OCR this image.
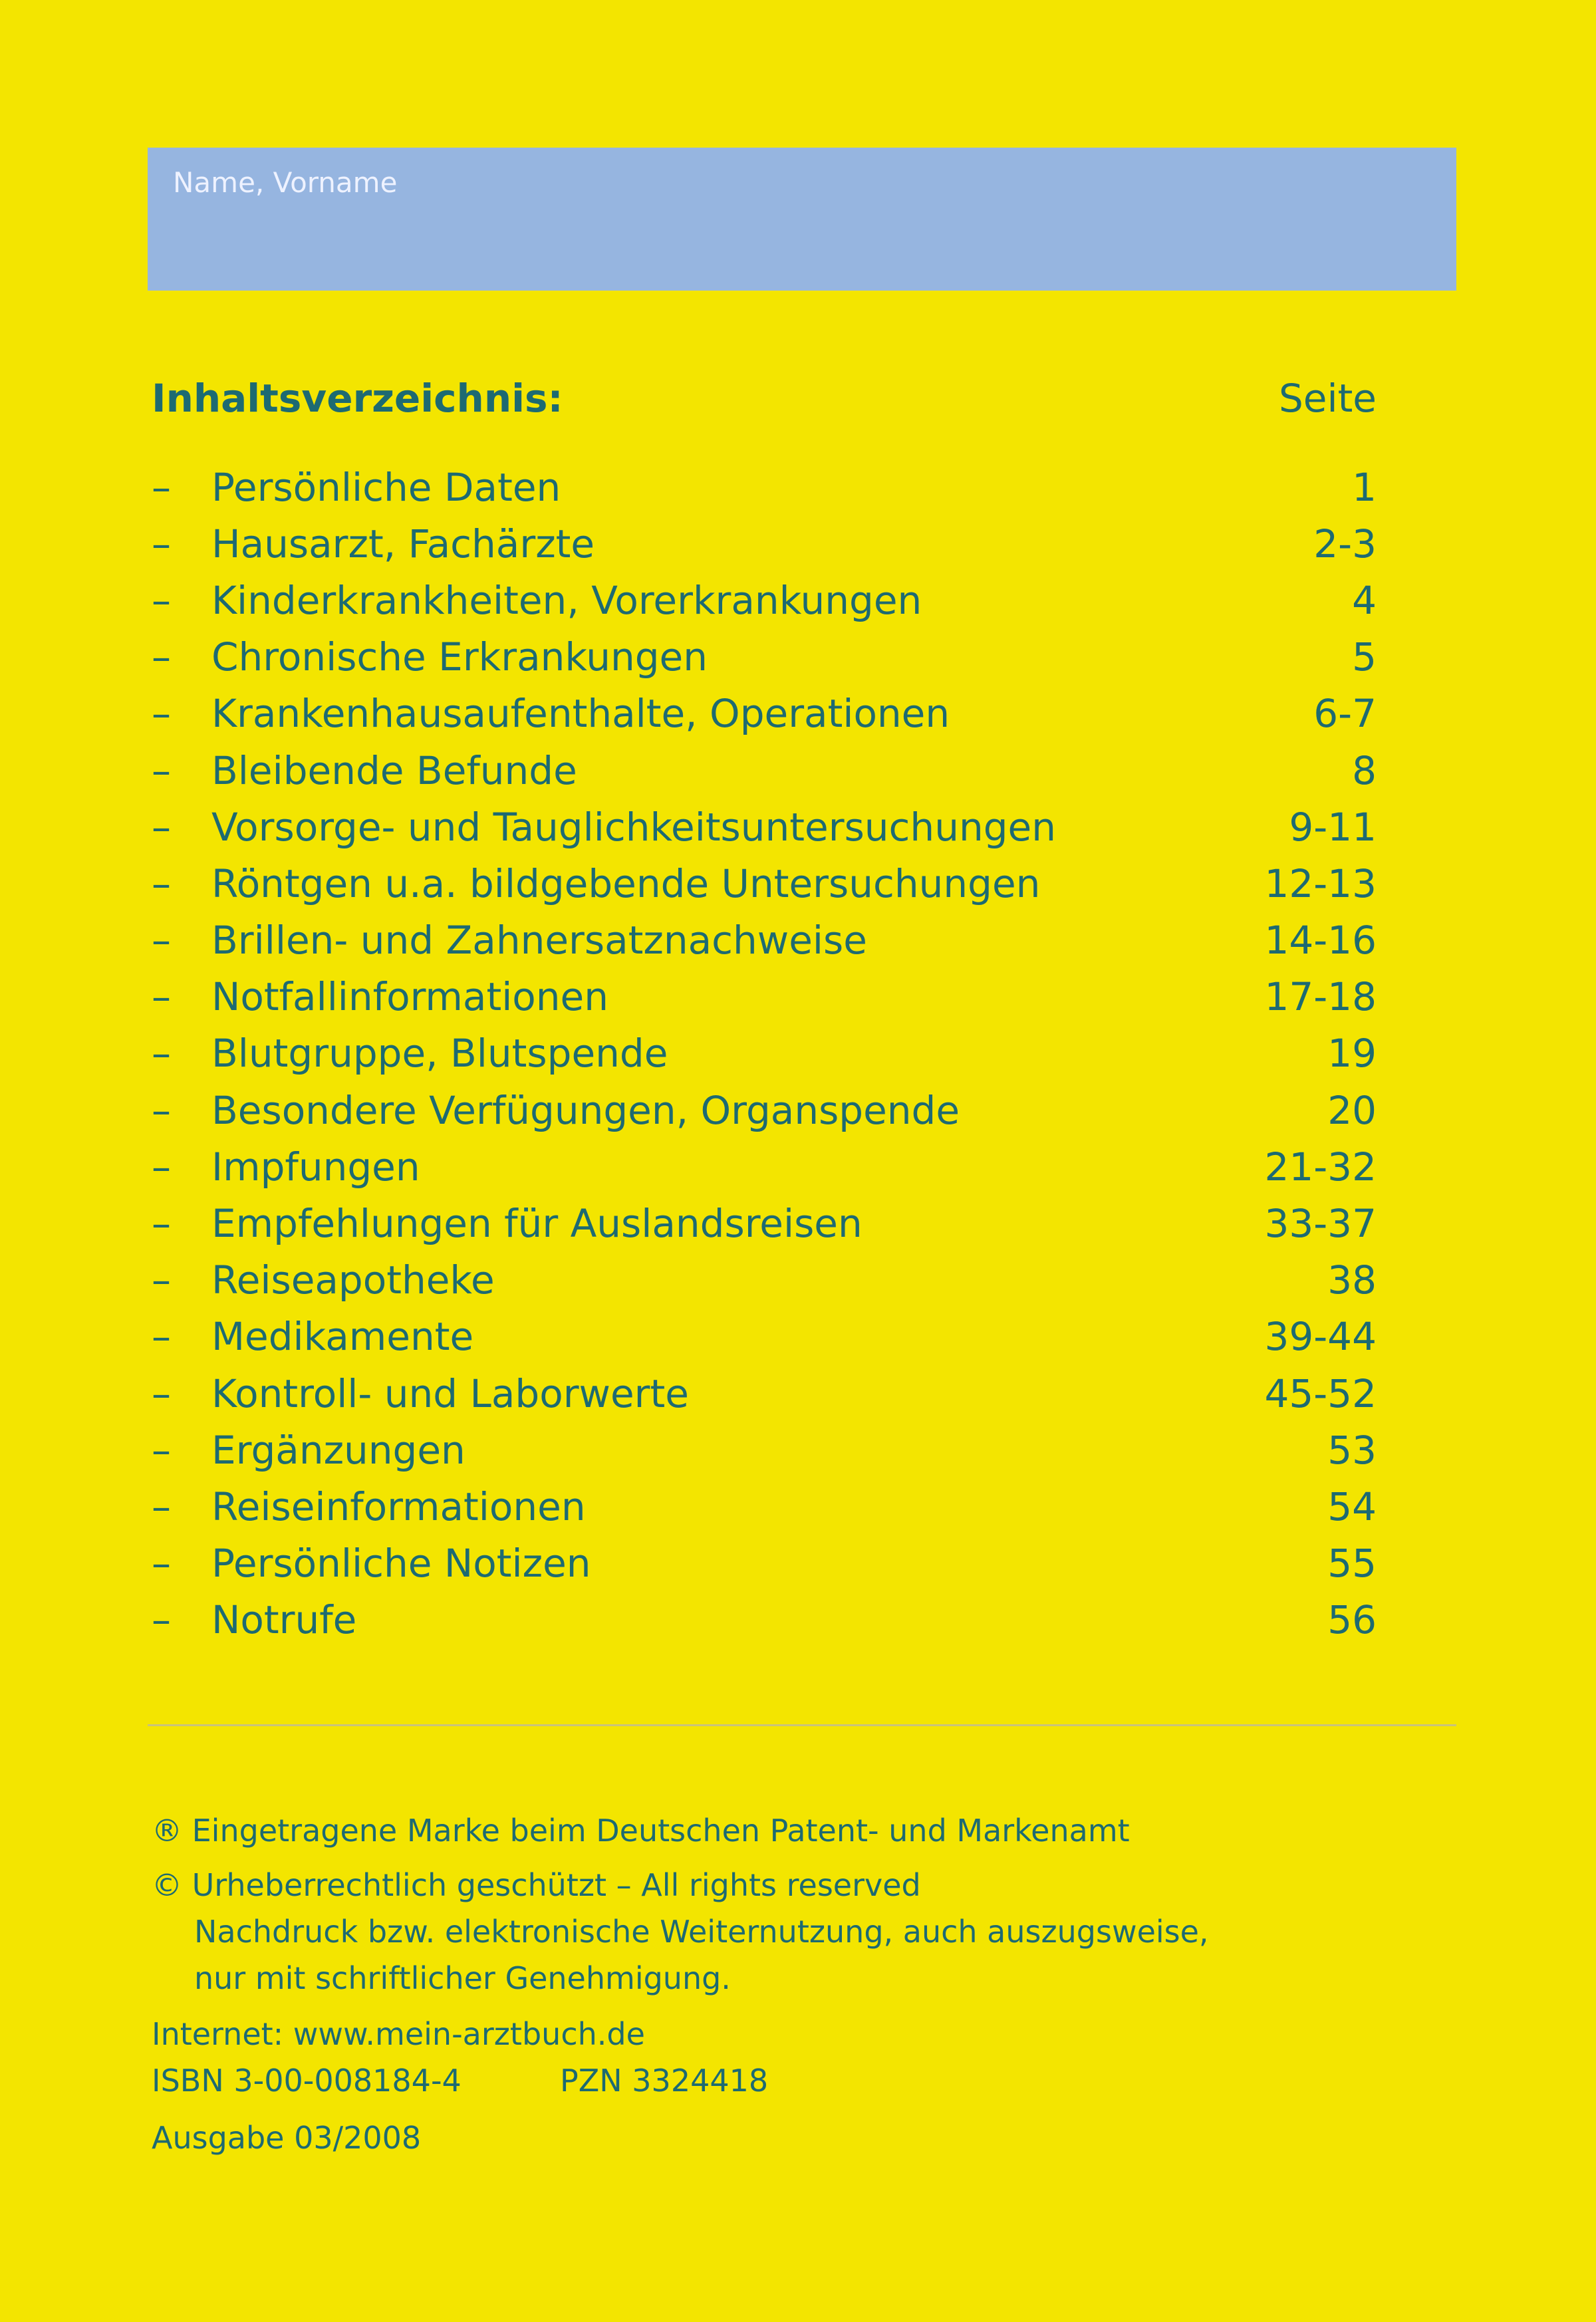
Name, Vorname
Inhaltsverzeichnis:	Seite
–	Persönliche Daten	1
–	Hausarzt, Fachärzte	2-3
–	Kinderkrankheiten, Vorerkrankungen	4
–	Chronische Erkrankungen	5
–	Krankenhausaufenthalte, Operationen	6-7
–	Bleibende Befunde	8
–	Vorsorge- und Tauglichkeitsuntersuchungen	9-11
–	Röntgen u.a. bildgebende Untersuchungen	12-13
–	Brillen- und Zahnersatznachweise	14-16
–	Notfallinformationen	17-18
–	Blutgruppe, Blutspende	19
–	Besondere Verfügungen, Organspende	20
–	Impfungen	21-32
–	Empfehlungen für Auslandsreisen	33-37
–	Reiseapotheke	38
–	Medikamente	39-44
–	Kontroll- und Laborwerte	45-52
–	Ergänzungen	53
–	Reiseinformationen	54
–	Persönliche Notizen	55
–	Notrufe	56
® Eingetragene Marke beim Deutschen Patent- und Markenamt
© Urheberrechtlich geschützt – All rights reserved
Nachdruck bzw. elektronische Weiternutzung, auch auszugsweise,
nur mit schriftlicher Genehmigung.
Internet: www.mein-arztbuch.de
ISBN 3-00-008184-4	PZN 3324418
Ausgabe 03/2008
